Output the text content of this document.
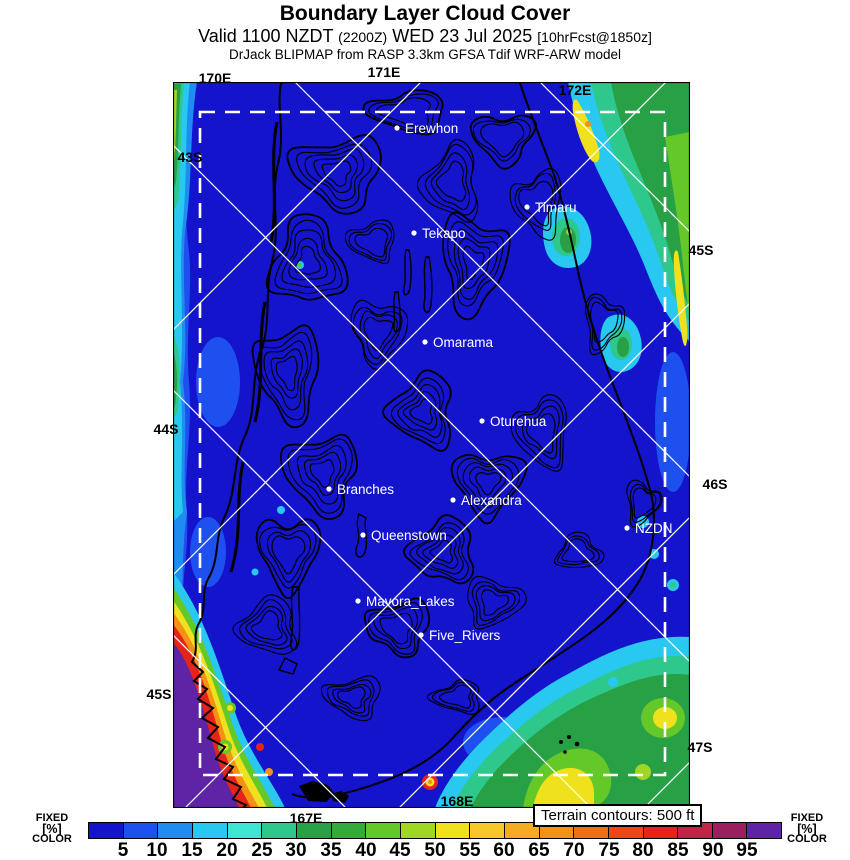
Boundary Layer Cloud Cover
Valid 1100 NZDT (2200Z) WED 23 Jul 2025 [10hrFcst@1850z]
DrJack BLIPMAP from RASP 3.3km GFSA Tdif WRF-ARW model
Erewhon
Timaru
Tekapo
Omarama
Oturehua
Branches
Alexandra
Queenstown	NZDN
Mavora_Lakes
Five_Rivers
170E	171E
172E
43S
44S
45S
45S
46S
47S
167E
168E
Terrain contours: 500 ft
FIXED
[%]
COLOR
FIXED
[%]
COLOR
5 10 15 20 25 30 35 40 45 50 55 60 65 70 75 80 85 90 95
